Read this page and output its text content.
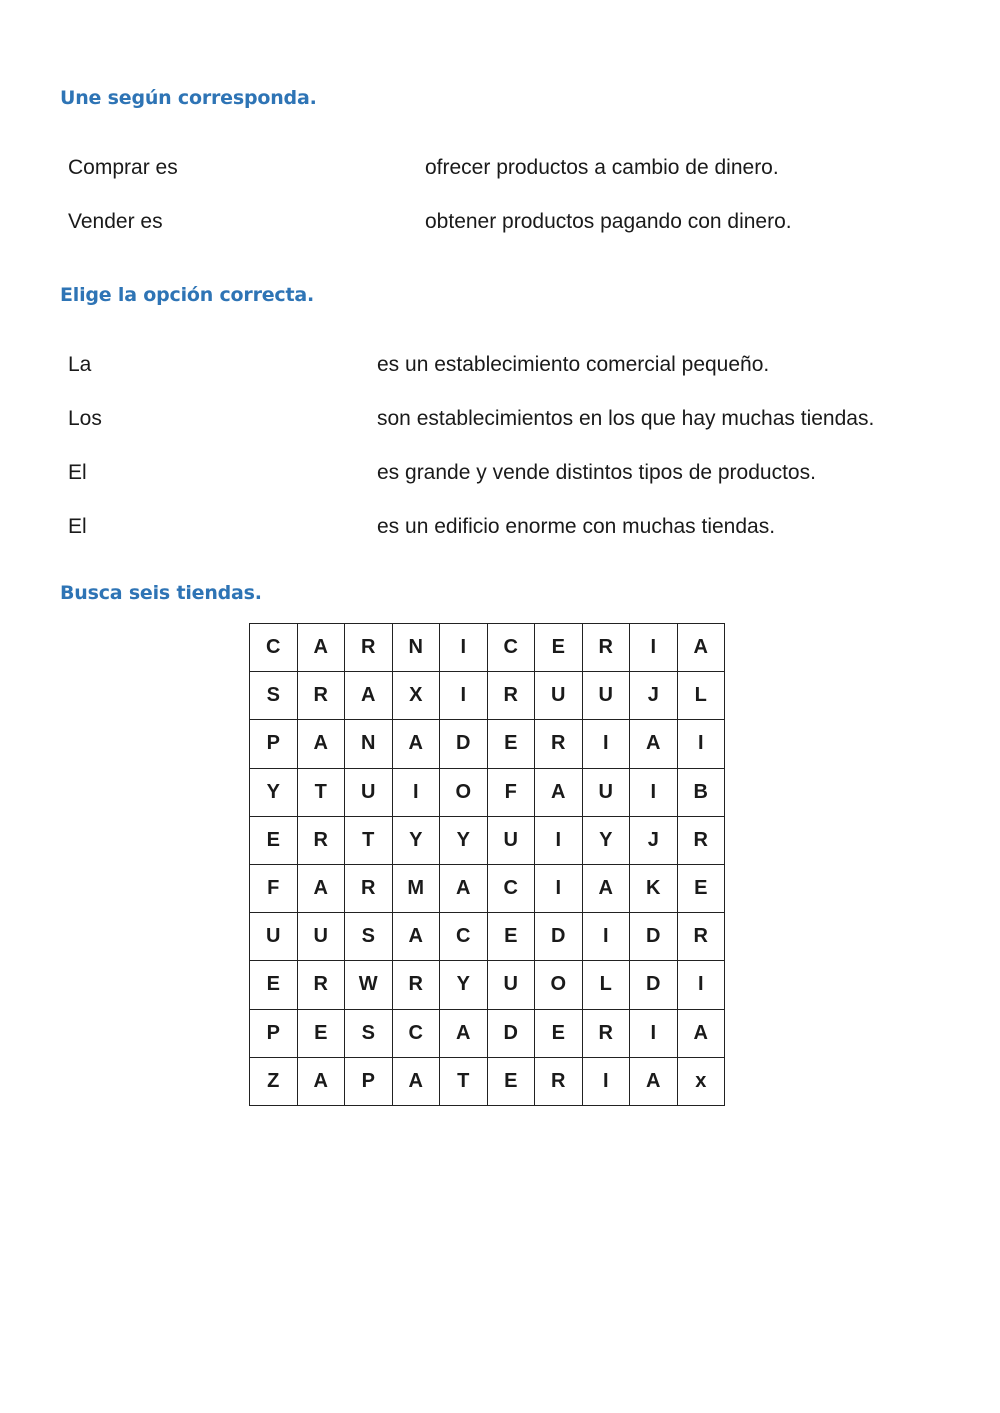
Une según corresponda.
Comprar es	ofrecer productos a cambio de dinero.
Vender es	obtener productos pagando con dinero.
Elige la opción correcta.
La	es un establecimiento comercial pequeño.
Los	son establecimientos en los que hay muchas tiendas.
El	es grande y vende distintos tipos de productos.
El	es un edificio enorme con muchas tiendas.
Busca seis tiendas.
C	A	R	N	I	C	E	R	I	A
S	R	A	X	I	R	U	U	J	L
P	A	N	A	D	E	R	I	A	I
Y	T	U	I	O	F	A	U	I	B
E	R	T	Y	Y	U	I	Y	J	R
F	A	R	M	A	C	I	A	K	E
U	U	S	A	C	E	D	I	D	R
E	R	W	R	Y	U	O	L	D	I
P	E	S	C	A	D	E	R	I	A
Z	A	P	A	T	E	R	I	A	x
